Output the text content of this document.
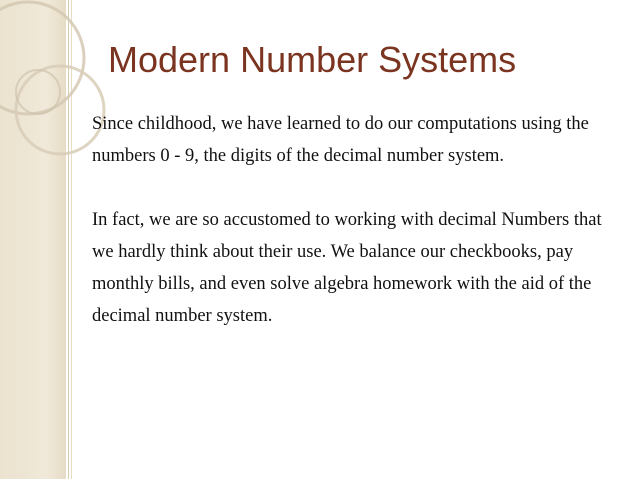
Modern Number Systems

Since childhood, we have learned to do our computations using the numbers 0 - 9, the digits of the decimal number system.

In fact, we are so accustomed to working with decimal Numbers that we hardly think about their use. We balance our checkbooks, pay monthly bills, and even solve algebra homework with the aid of the decimal number system.
